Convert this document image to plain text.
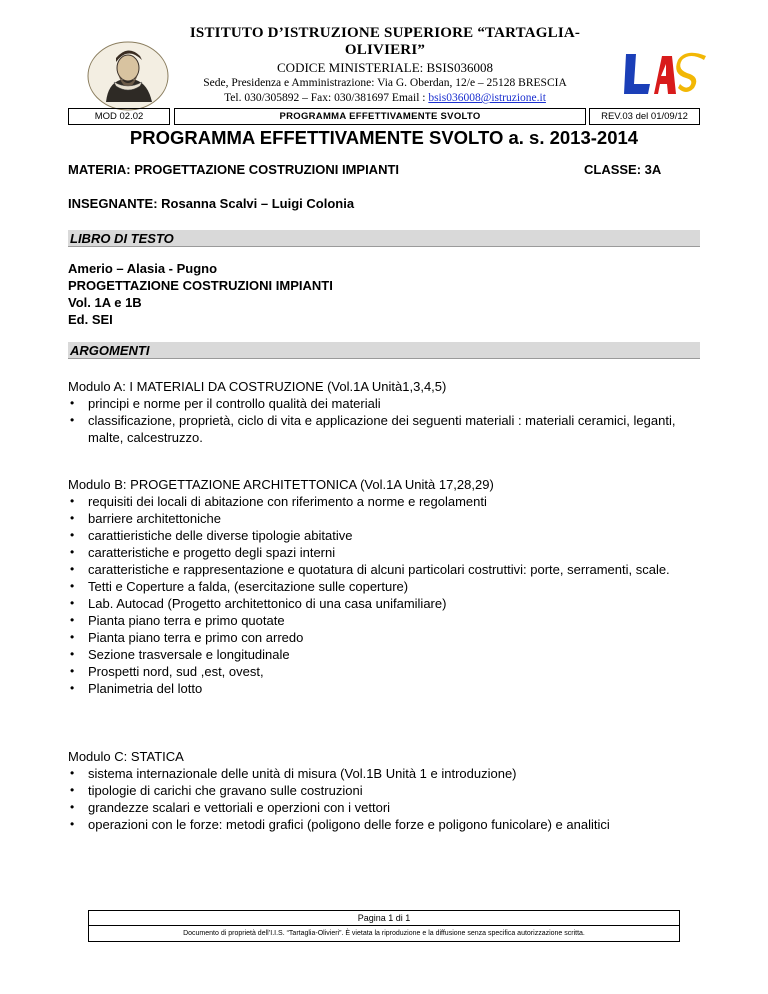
ISTITUTO D’ISTRUZIONE SUPERIORE “TARTAGLIA-
OLIVIERI”
CODICE MINISTERIALE: BSIS036008
Sede, Presidenza e Amministrazione: Via G. Oberdan, 12/e – 25128 BRESCIA
Tel. 030/305892 – Fax: 030/381697 Email : bsis036008@istruzione.it
MOD 02.02	PROGRAMMA EFFETTIVAMENTE SVOLTO	REV.03 del 01/09/12
PROGRAMMA EFFETTIVAMENTE SVOLTO a. s. 2013-2014
MATERIA: PROGETTAZIONE COSTRUZIONI IMPIANTI	CLASSE: 3A
INSEGNANTE: Rosanna Scalvi – Luigi Colonia
LIBRO DI TESTO
Amerio – Alasia - Pugno
PROGETTAZIONE COSTRUZIONI IMPIANTI
Vol. 1A e 1B
Ed. SEI
ARGOMENTI
Modulo A: I MATERIALI DA COSTRUZIONE (Vol.1A Unità1,3,4,5)
• principi e norme per il controllo qualità dei materiali
• classificazione, proprietà, ciclo di vita e applicazione dei seguenti materiali : materiali ceramici, leganti, malte, calcestruzzo.
Modulo B: PROGETTAZIONE ARCHITETTONICA (Vol.1A Unità 17,28,29)
• requisiti dei locali di abitazione con riferimento a norme e regolamenti
• barriere architettoniche
• carattieristiche delle diverse tipologie abitative
• caratteristiche e progetto degli spazi interni
• caratteristiche e rappresentazione e quotatura di alcuni particolari costruttivi: porte, serramenti, scale.
• Tetti e Coperture a falda, (esercitazione sulle coperture)
• Lab. Autocad (Progetto architettonico di una casa unifamiliare)
• Pianta piano terra e primo quotate
• Pianta piano terra e primo con arredo
• Sezione trasversale e longitudinale
• Prospetti nord, sud ,est, ovest,
• Planimetria del lotto
Modulo C: STATICA
• sistema internazionale delle unità di misura (Vol.1B Unità 1 e introduzione)
• tipologie di carichi che gravano sulle costruzioni
• grandezze scalari e vettoriali e operzioni con i vettori
• operazioni con le forze: metodi grafici (poligono delle forze e poligono funicolare) e analitici
Pagina 1 di 1
Documento di proprietà dell’I.I.S. “Tartaglia-Olivieri”. È vietata la riproduzione e la diffusione senza specifica autorizzazione scritta.
